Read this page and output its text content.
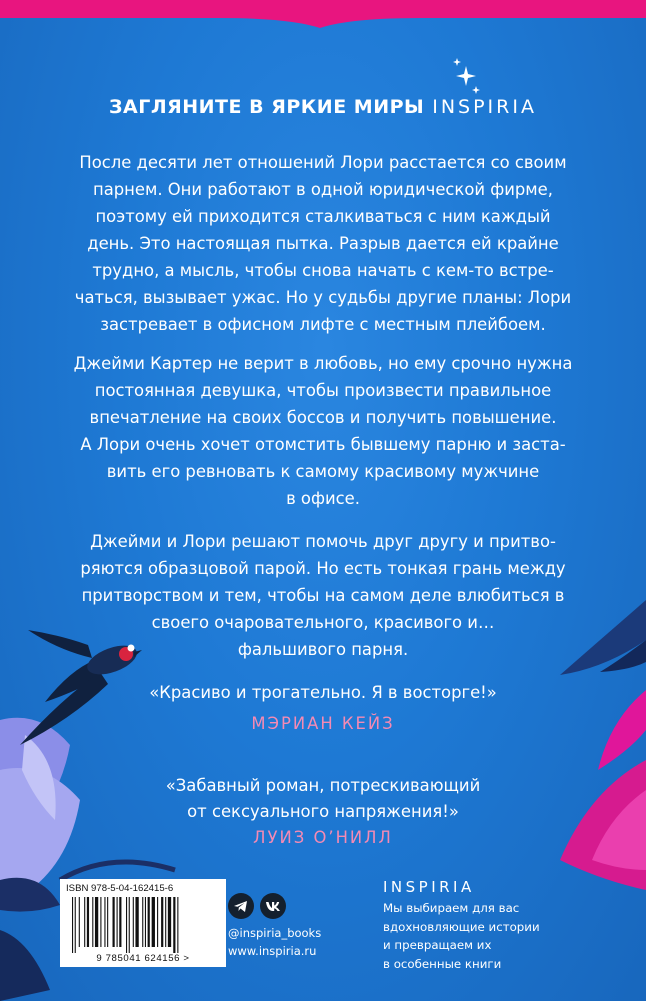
ЗАГЛЯНИТЕ В ЯРКИЕ МИРЫ INSPIRIA
После десяти лет отношений Лори расстается со своим
парнем. Они работают в одной юридической фирме,
поэтому ей приходится сталкиваться с ним каждый
день. Это настоящая пытка. Разрыв дается ей крайне
трудно, а мысль, чтобы снова начать с кем-то встре-
чаться, вызывает ужас. Но у судьбы другие планы: Лори
застревает в офисном лифте с местным плейбоем.
Джейми Картер не верит в любовь, но ему срочно нужна
постоянная девушка, чтобы произвести правильное
впечатление на своих боссов и получить повышение.
А Лори очень хочет отомстить бывшему парню и заста-
вить его ревновать к самому красивому мужчине
в офисе.
Джейми и Лори решают помочь друг другу и притво-
ряются образцовой парой. Но есть тонкая грань между
притворством и тем, чтобы на самом деле влюбиться в
своего очаровательного, красивого и…
фальшивого парня.
«Красиво и трогательно. Я в восторге!»
МЭРИАН КЕЙЗ
«Забавный роман, потрескивающий
от сексуального напряжения!»
ЛУИЗ О’НИЛЛ
ISBN 978-5-04-162415-6
9 785041 624156 >
@inspiria_books
www.inspiria.ru
INSPIRIA
Мы выбираем для вас
вдохновляющие истории
и превращаем их
в особенные книги
